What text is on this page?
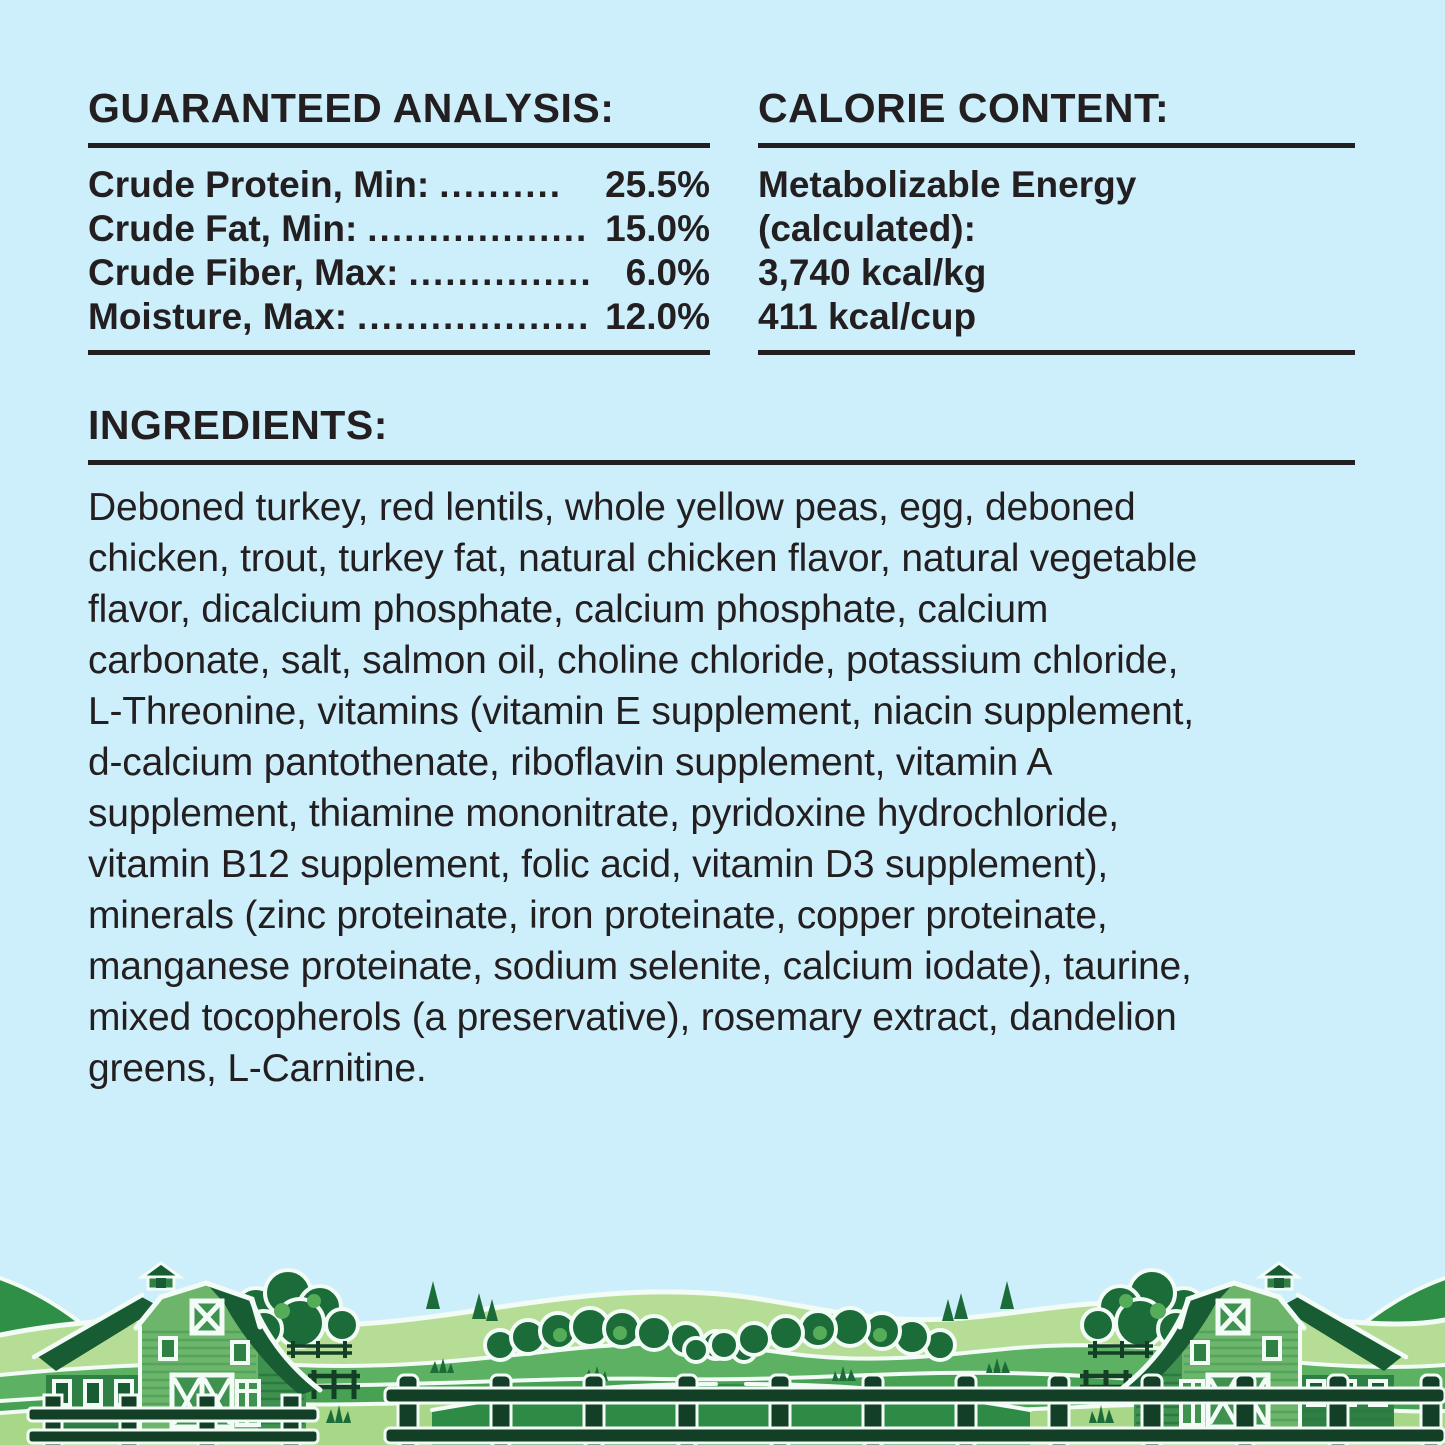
GUARANTEED ANALYSIS:
Crude Protein, Min: ..........	25.5%
Crude Fat, Min: .................. 15.0%
Crude Fiber, Max: ............... 6.0%
Moisture, Max: ................... 12.0%
CALORIE CONTENT:
Metabolizable Energy
(calculated):
3,740 kcal/kg
411 kcal/cup
INGREDIENTS:
Deboned turkey, red lentils, whole yellow peas, egg, deboned
chicken, trout, turkey fat, natural chicken flavor, natural vegetable
flavor, dicalcium phosphate, calcium phosphate, calcium
carbonate, salt, salmon oil, choline chloride, potassium chloride,
L-Threonine, vitamins (vitamin E supplement, niacin supplement,
d-calcium pantothenate, riboflavin supplement, vitamin A
supplement, thiamine mononitrate, pyridoxine hydrochloride,
vitamin B12 supplement, folic acid, vitamin D3 supplement),
minerals (zinc proteinate, iron proteinate, copper proteinate,
manganese proteinate, sodium selenite, calcium iodate), taurine,
mixed tocopherols (a preservative), rosemary extract, dandelion
greens, L-Carnitine.
